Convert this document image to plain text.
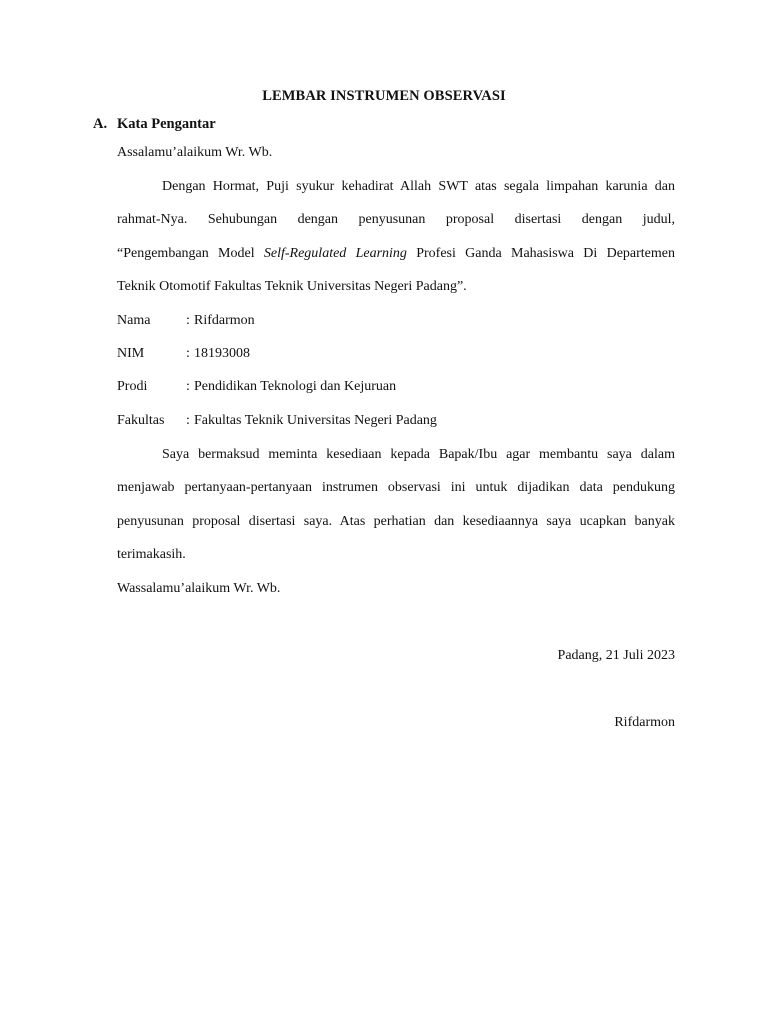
LEMBAR INSTRUMEN OBSERVASI
A. Kata Pengantar
Assalamu’alaikum Wr. Wb.
Dengan Hormat, Puji syukur kehadirat Allah SWT atas segala limpahan karunia dan
rahmat-Nya. Sehubungan dengan penyusunan proposal disertasi dengan judul,
“Pengembangan Model Self-Regulated Learning Profesi Ganda Mahasiswa Di Departemen
Teknik Otomotif Fakultas Teknik Universitas Negeri Padang”.
Nama	: Rifdarmon
NIM	: 18193008
Prodi	: Pendidikan Teknologi dan Kejuruan
Fakultas : Fakultas Teknik Universitas Negeri Padang
Saya bermaksud meminta kesediaan kepada Bapak/Ibu agar membantu saya dalam
menjawab pertanyaan-pertanyaan instrumen observasi ini untuk dijadikan data pendukung
penyusunan proposal disertasi saya. Atas perhatian dan kesediaannya saya ucapkan banyak
terimakasih.
Wassalamu’alaikum Wr. Wb.
Padang, 21 Juli 2023
Rifdarmon
